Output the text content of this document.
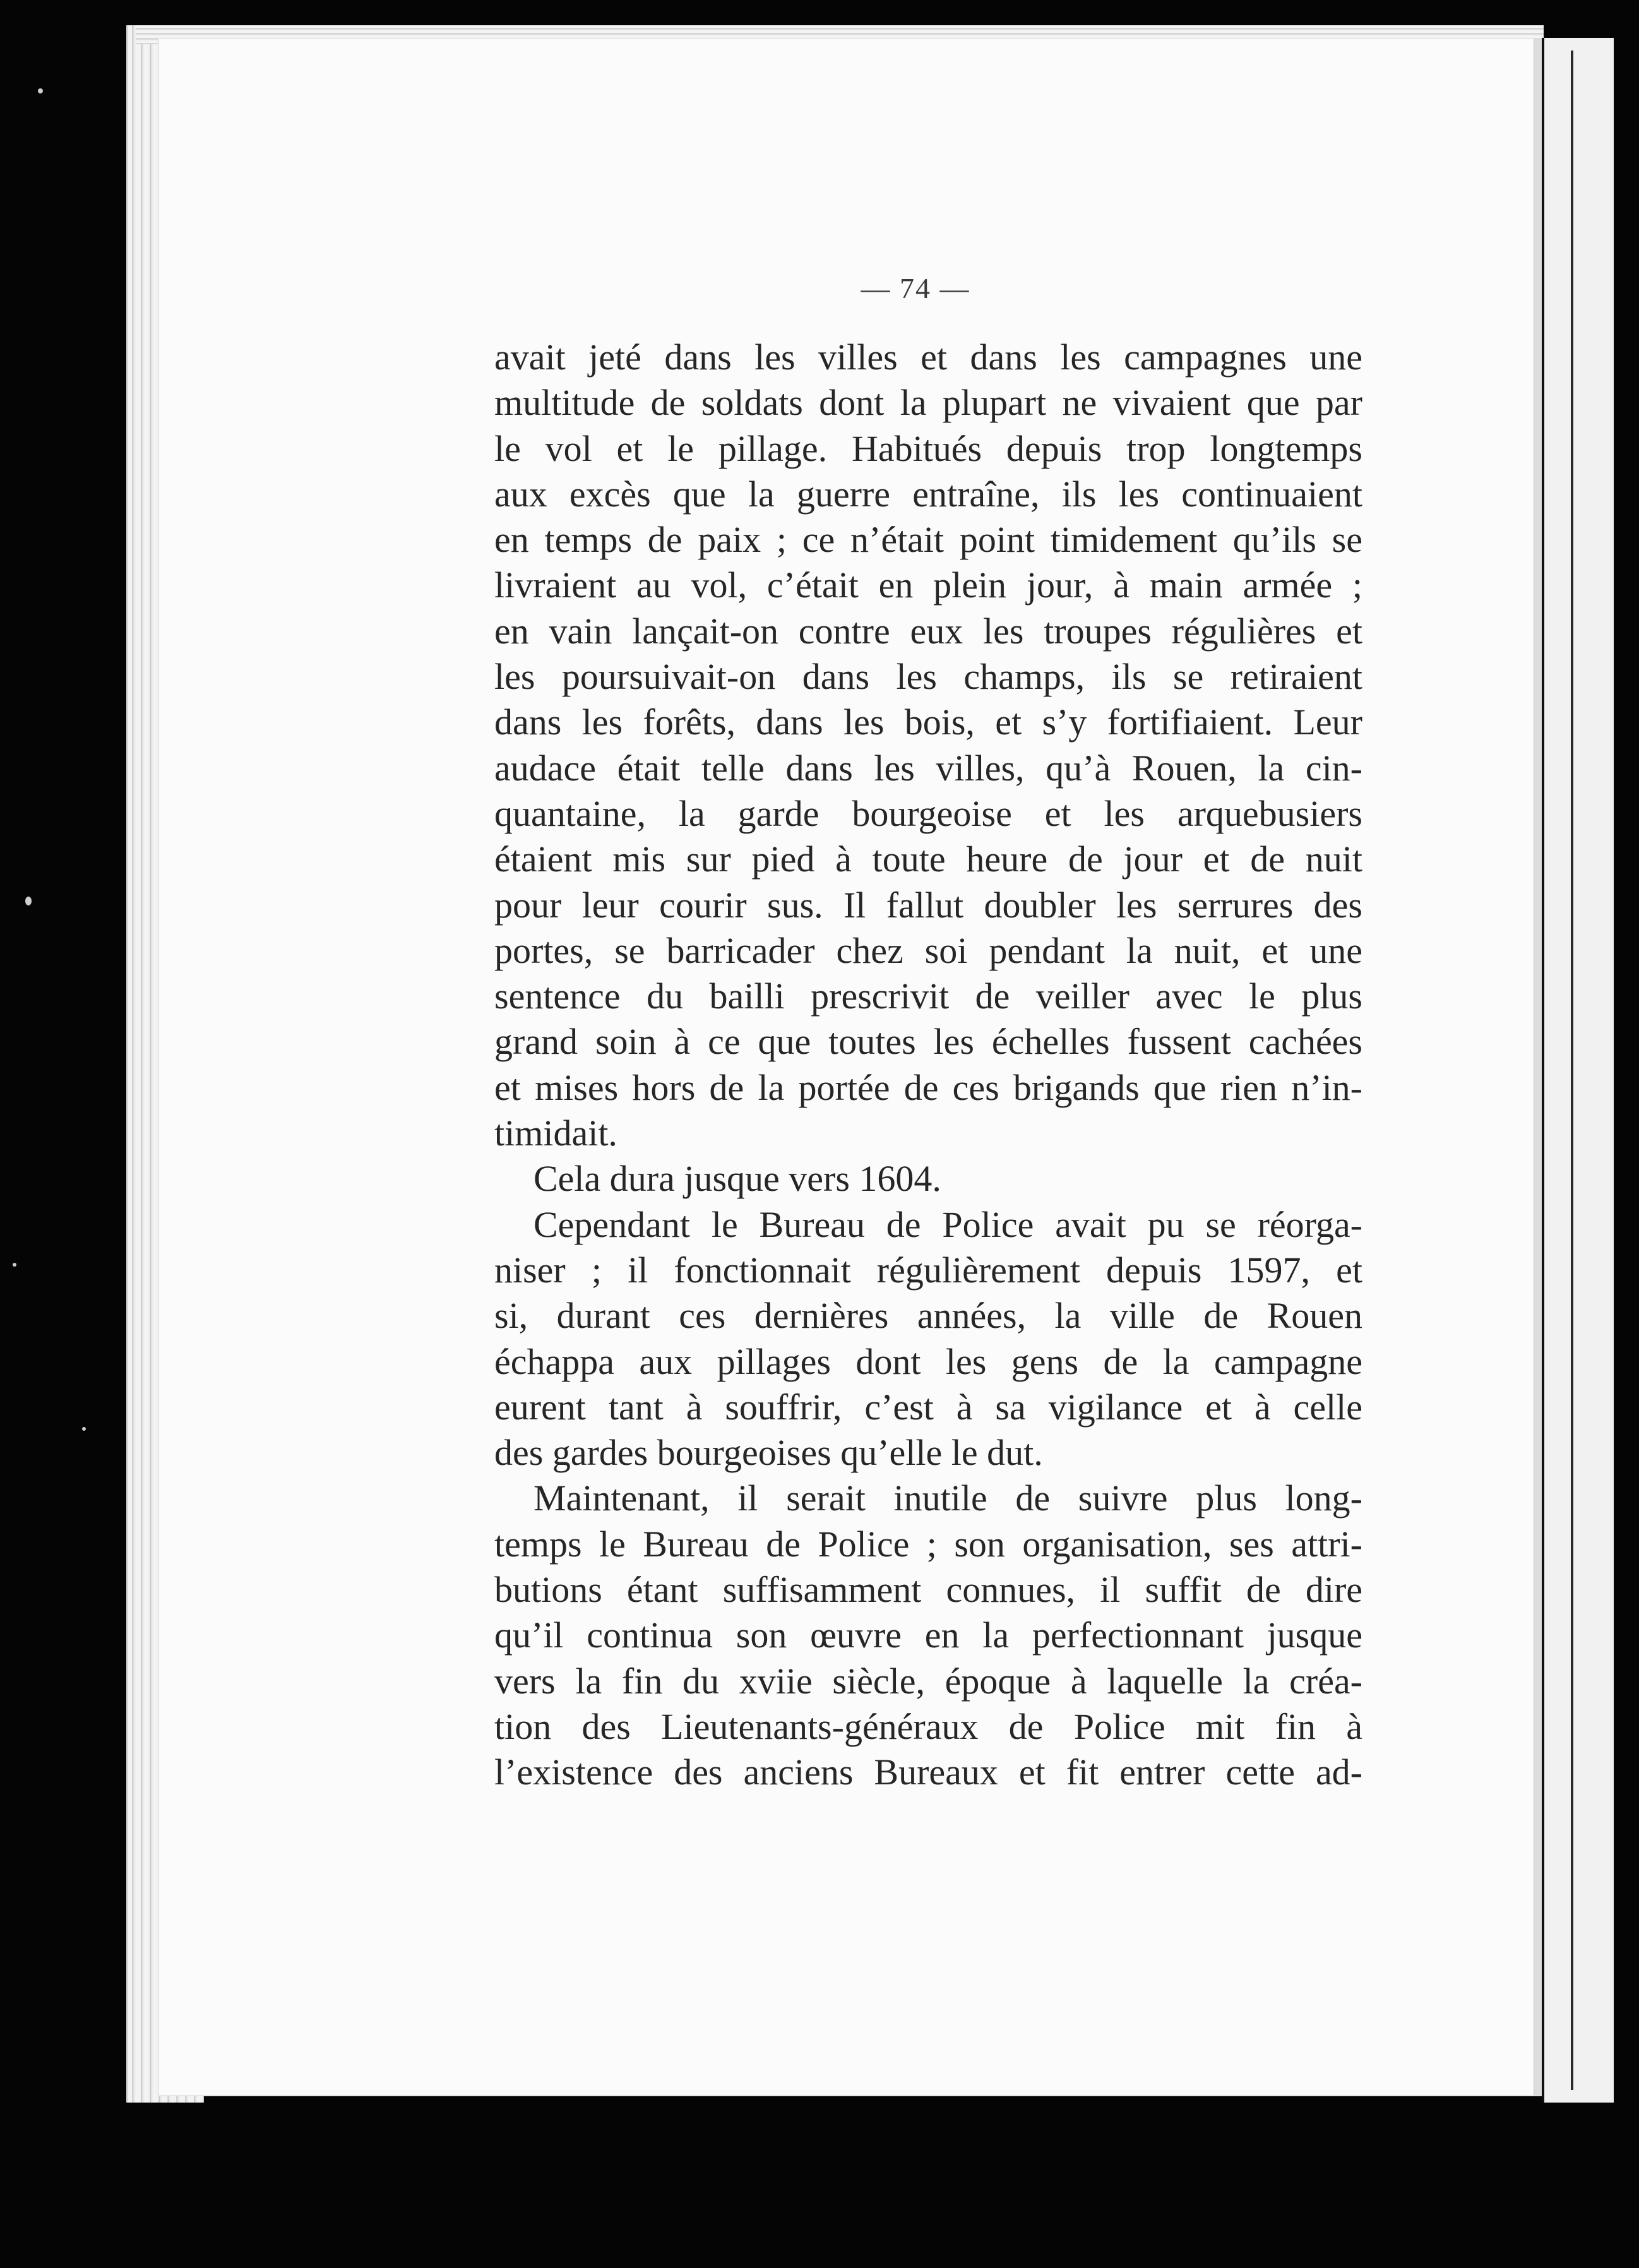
— 74 —
avait jeté dans les villes et dans les campagnes une
multitude de soldats dont la plupart ne vivaient que par
le vol et le pillage. Habitués depuis trop longtemps
aux excès que la guerre entraîne, ils les continuaient
en temps de paix ; ce n’était point timidement qu’ils se
livraient au vol, c’était en plein jour, à main armée ;
en vain lançait-on contre eux les troupes régulières et
les poursuivait-on dans les champs, ils se retiraient
dans les forêts, dans les bois, et s’y fortifiaient. Leur
audace était telle dans les villes, qu’à Rouen, la cin-
quantaine, la garde bourgeoise et les arquebusiers
étaient mis sur pied à toute heure de jour et de nuit
pour leur courir sus. Il fallut doubler les serrures des
portes, se barricader chez soi pendant la nuit, et une
sentence du bailli prescrivit de veiller avec le plus
grand soin à ce que toutes les échelles fussent cachées
et mises hors de la portée de ces brigands que rien n’in-
timidait.
Cela dura jusque vers 1604.
Cependant le Bureau de Police avait pu se réorga-
niser ; il fonctionnait régulièrement depuis 1597, et
si, durant ces dernières années, la ville de Rouen
échappa aux pillages dont les gens de la campagne
eurent tant à souffrir, c’est à sa vigilance et à celle
des gardes bourgeoises qu’elle le dut.
Maintenant, il serait inutile de suivre plus long-
temps le Bureau de Police ; son organisation, ses attri-
butions étant suffisamment connues, il suffit de dire
qu’il continua son œuvre en la perfectionnant jusque
vers la fin du xviie siècle, époque à laquelle la créa-
tion des Lieutenants-généraux de Police mit fin à
l’existence des anciens Bureaux et fit entrer cette ad-
